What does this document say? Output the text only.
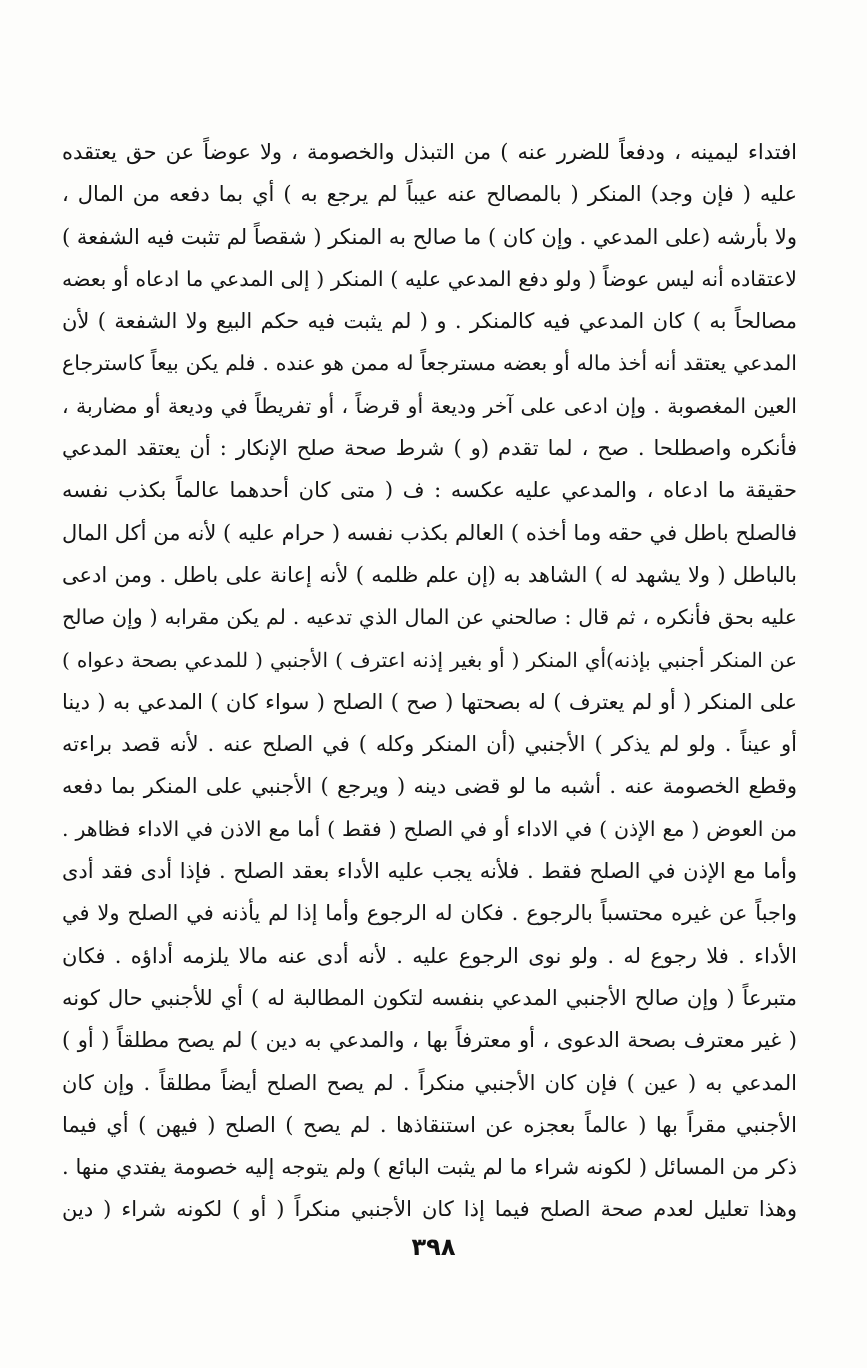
افتداء ليمينه ، ودفعاً للضرر عنه ) من التبذل والخصومة ، ولا عوضاً عن حق يعتقده
عليه ( فإن وجد) المنكر ( بالمصالح عنه عيباً لم يرجع به ) أي بما دفعه من المال ،
ولا بأرشه (على المدعي . وإن كان ) ما صالح به المنكر ( شقصاً لم تثبت فيه الشفعة )
لاعتقاده أنه ليس عوضاً ( ولو دفع المدعي عليه ) المنكر ( إلى المدعي ما ادعاه أو بعضه
مصالحاً به ) كان المدعي فيه كالمنكر . و ( لم يثبت فيه حكم البيع ولا الشفعة ) لأن
المدعي يعتقد أنه أخذ ماله أو بعضه مسترجعاً له ممن هو عنده . فلم يكن بيعاً كاسترجاع
العين المغصوبة . وإن ادعى على آخر وديعة أو قرضاً ، أو تفريطاً في وديعة أو مضاربة ،
فأنكره واصطلحا . صح ، لما تقدم (و ) شرط صحة صلح الإنكار : أن يعتقد المدعي
حقيقة ما ادعاه ، والمدعي عليه عكسه : ف ( متى كان أحدهما عالماً بكذب نفسه
فالصلح باطل في حقه وما أخذه ) العالم بكذب نفسه ( حرام عليه ) لأنه من أكل المال
بالباطل ( ولا يشهد له ) الشاهد به (إن علم ظلمه ) لأنه إعانة على باطل . ومن ادعى
عليه بحق فأنكره ، ثم قال : صالحني عن المال الذي تدعيه . لم يكن مقرابه ( وإن صالح
عن المنكر أجنبي بإذنه)أي المنكر ( أو بغير إذنه اعترف ) الأجنبي ( للمدعي بصحة دعواه )
على المنكر ( أو لم يعترف ) له بصحتها ( صح ) الصلح ( سواء كان ) المدعي به ( دينا
أو عيناً . ولو لم يذكر ) الأجنبي (أن المنكر وكله ) في الصلح عنه . لأنه قصد براءته
وقطع الخصومة عنه . أشبه ما لو قضى دينه ( ويرجع ) الأجنبي على المنكر بما دفعه
من العوض ( مع الإذن ) في الاداء أو في الصلح ( فقط ) أما مع الاذن في الاداء فظاهر .
وأما مع الإذن في الصلح فقط . فلأنه يجب عليه الأداء بعقد الصلح . فإذا أدى فقد أدى
واجباً عن غيره محتسباً بالرجوع . فكان له الرجوع وأما إذا لم يأذنه في الصلح ولا في
الأداء . فلا رجوع له . ولو نوى الرجوع عليه . لأنه أدى عنه مالا يلزمه أداؤه . فكان
متبرعاً ( وإن صالح الأجنبي المدعي بنفسه لتكون المطالبة له ) أي للأجنبي حال كونه
( غير معترف بصحة الدعوى ، أو معترفاً بها ، والمدعي به دين ) لم يصح مطلقاً ( أو )
المدعي به ( عين ) فإن كان الأجنبي منكراً . لم يصح الصلح أيضاً مطلقاً . وإن كان
الأجنبي مقراً بها ( عالماً بعجزه عن استنقاذها . لم يصح ) الصلح ( فيهن ) أي فيما
ذكر من المسائل ( لكونه شراء ما لم يثبت البائع ) ولم يتوجه إليه خصومة يفتدي منها .
وهذا تعليل لعدم صحة الصلح فيما إذا كان الأجنبي منكراً ( أو ) لكونه شراء ( دين
٣٩٨
